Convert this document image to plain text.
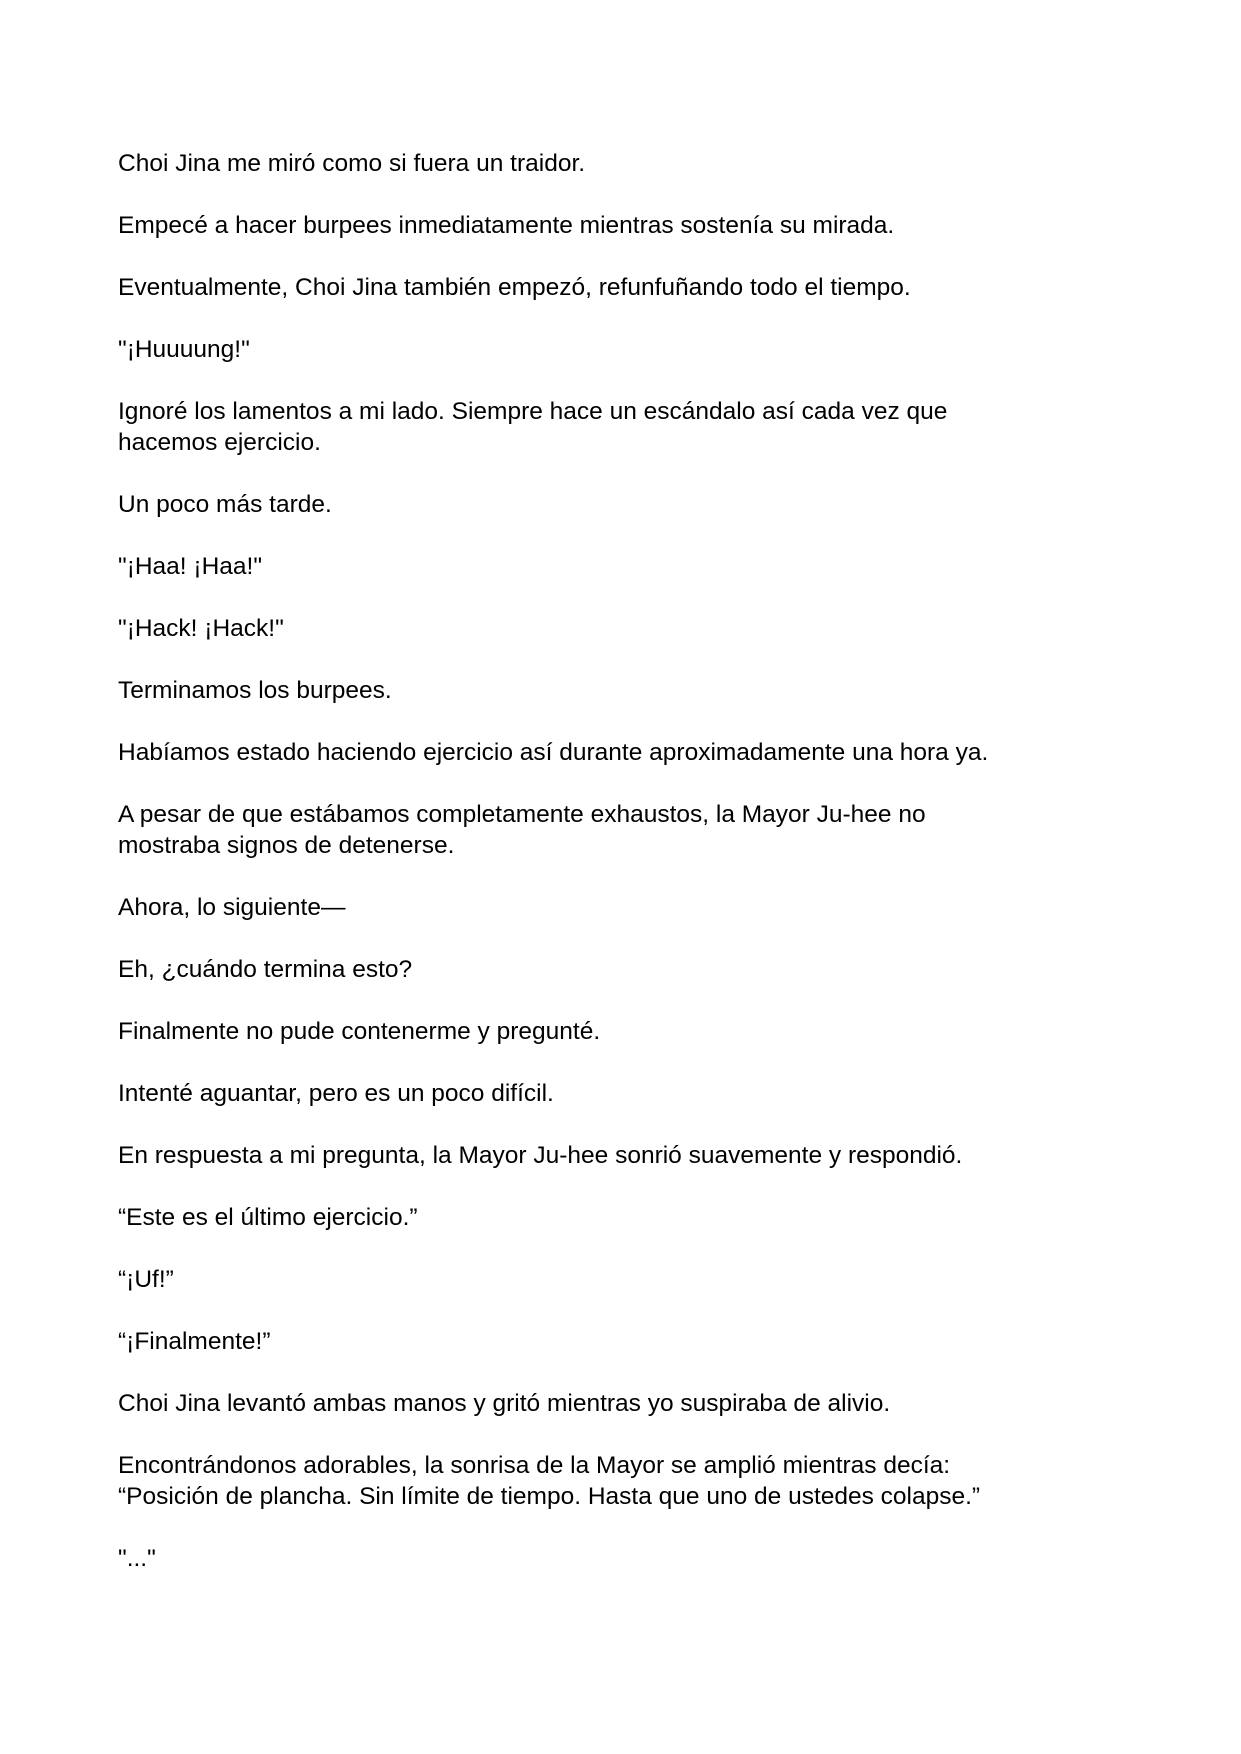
Choi Jina me miró como si fuera un traidor.

Empecé a hacer burpees inmediatamente mientras sostenía su mirada.

Eventualmente, Choi Jina también empezó, refunfuñando todo el tiempo.

"¡Huuuung!"

Ignoré los lamentos a mi lado. Siempre hace un escándalo así cada vez que
hacemos ejercicio.

Un poco más tarde.

"¡Haa! ¡Haa!"

"¡Hack! ¡Hack!"

Terminamos los burpees.

Habíamos estado haciendo ejercicio así durante aproximadamente una hora ya.

A pesar de que estábamos completamente exhaustos, la Mayor Ju-hee no
mostraba signos de detenerse.

Ahora, lo siguiente—

Eh, ¿cuándo termina esto?

Finalmente no pude contenerme y pregunté.

Intenté aguantar, pero es un poco difícil.

En respuesta a mi pregunta, la Mayor Ju-hee sonrió suavemente y respondió.

“Este es el último ejercicio.”

“¡Uf!”

“¡Finalmente!”

Choi Jina levantó ambas manos y gritó mientras yo suspiraba de alivio.

Encontrándonos adorables, la sonrisa de la Mayor se amplió mientras decía:
“Posición de plancha. Sin límite de tiempo. Hasta que uno de ustedes colapse.”

"..."
